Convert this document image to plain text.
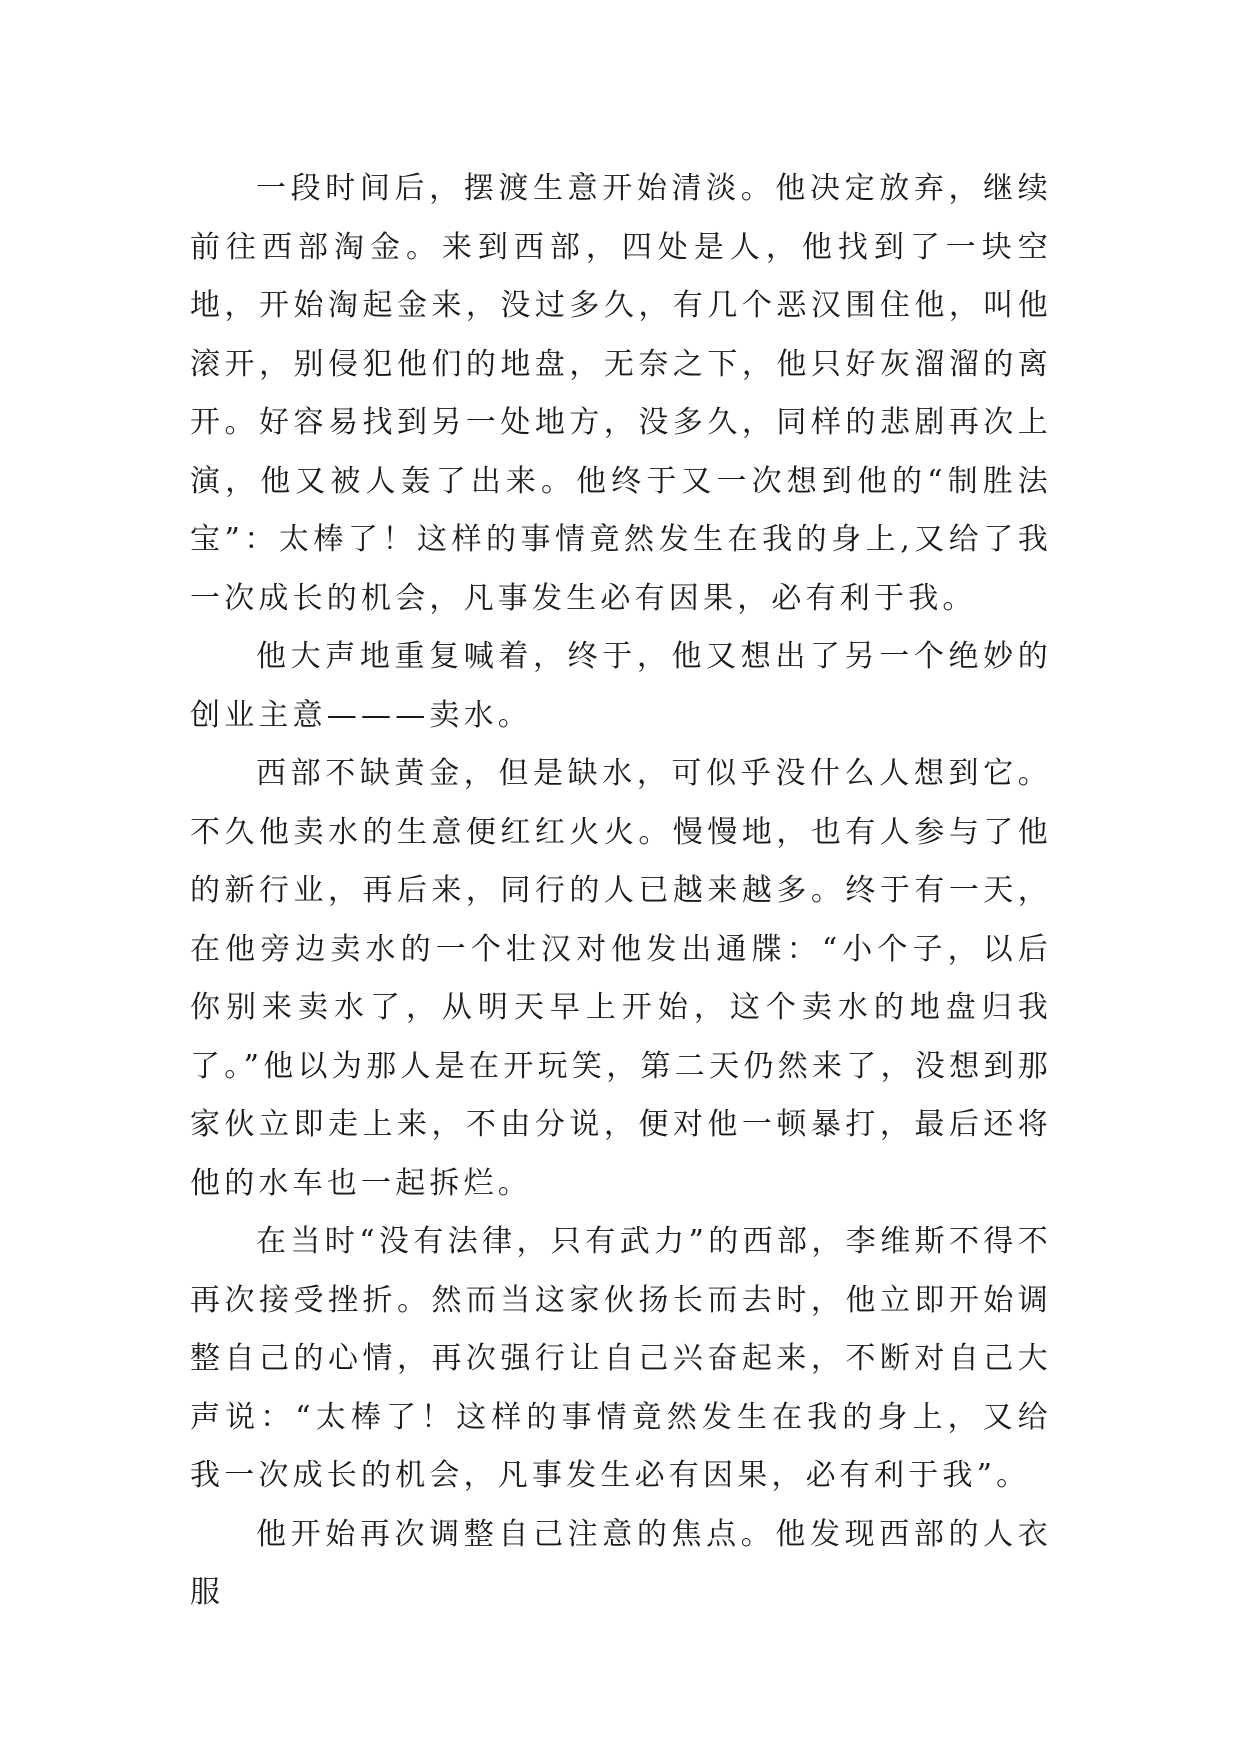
一段时间后，摆渡生意开始清淡。他决定放弃，继续前往西部淘金。来到西部，四处是人，他找到了一块空地，开始淘起金来，没过多久，有几个恶汉围住他，叫他滚开，别侵犯他们的地盘，无奈之下，他只好灰溜溜的离开。好容易找到另一处地方，没多久，同样的悲剧再次上演，他又被人轰了出来。他终于又一次想到他的“制胜法宝”：太棒了！这样的事情竟然发生在我的身上,又给了我一次成长的机会，凡事发生必有因果，必有利于我。

他大声地重复喊着，终于，他又想出了另一个绝妙的创业主意———卖水。

西部不缺黄金，但是缺水，可似乎没什么人想到它。不久他卖水的生意便红红火火。慢慢地，也有人参与了他的新行业，再后来，同行的人已越来越多。终于有一天，在他旁边卖水的一个壮汉对他发出通牒：“小个子，以后你别来卖水了，从明天早上开始，这个卖水的地盘归我了。”他以为那人是在开玩笑，第二天仍然来了，没想到那家伙立即走上来，不由分说，便对他一顿暴打，最后还将他的水车也一起拆烂。

在当时“没有法律，只有武力”的西部，李维斯不得不再次接受挫折。然而当这家伙扬长而去时，他立即开始调整自己的心情，再次强行让自己兴奋起来，不断对自己大声说：“太棒了！这样的事情竟然发生在我的身上，又给我一次成长的机会，凡事发生必有因果，必有利于我”。

他开始再次调整自己注意的焦点。他发现西部的人衣服
